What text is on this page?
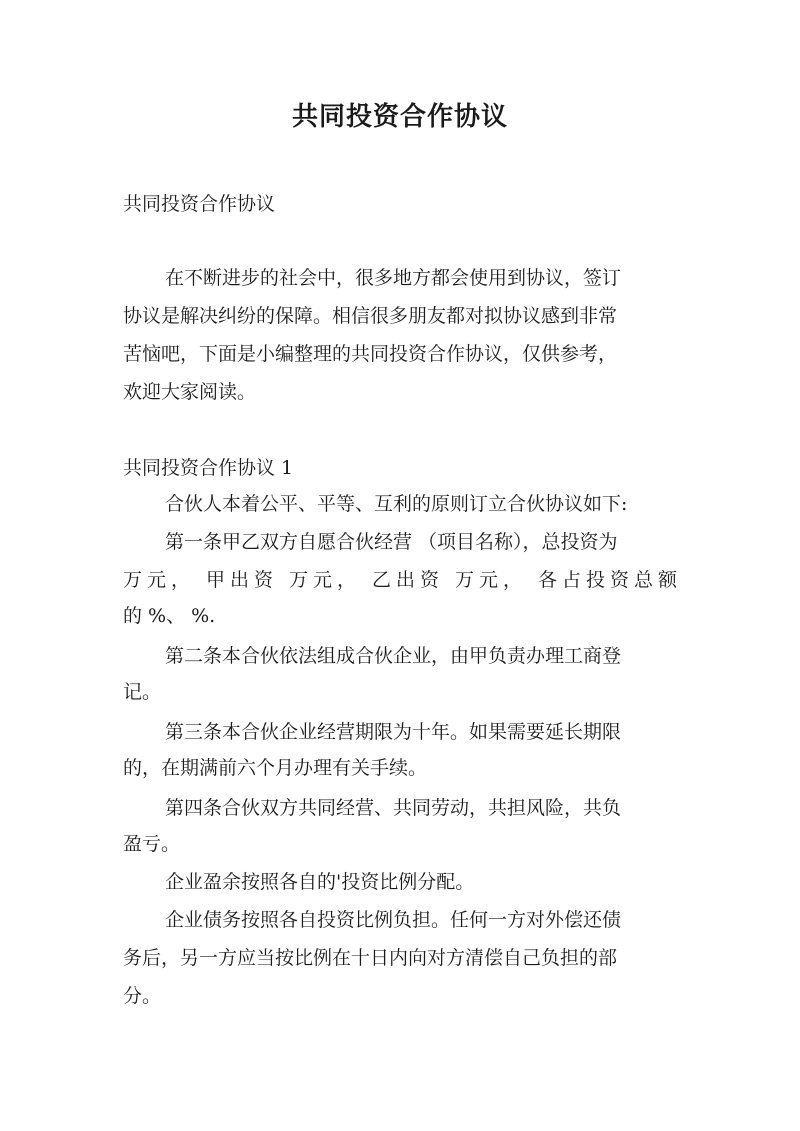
共同投资合作协议

共同投资合作协议

在不断进步的社会中，很多地方都会使用到协议，签订

协议是解决纠纷的保障。相信很多朋友都对拟协议感到非常

苦恼吧，下面是小编整理的共同投资合作协议，仅供参考，

欢迎大家阅读。

共同投资合作协议 1

合伙人本着公平、平等、互利的原则订立合伙协议如下:

第一条甲乙双方自愿合伙经营 （项目名称），总投资为

万元， 甲出资 万元， 乙出资 万元， 各占投资总额

的 %、 %.

第二条本合伙依法组成合伙企业，由甲负责办理工商登

记。

第三条本合伙企业经营期限为十年。如果需要延长期限

的，在期满前六个月办理有关手续。

第四条合伙双方共同经营、共同劳动，共担风险，共负

盈亏。

企业盈余按照各自的'投资比例分配。

企业债务按照各自投资比例负担。任何一方对外偿还债

务后，另一方应当按比例在十日内向对方清偿自己负担的部

分。
